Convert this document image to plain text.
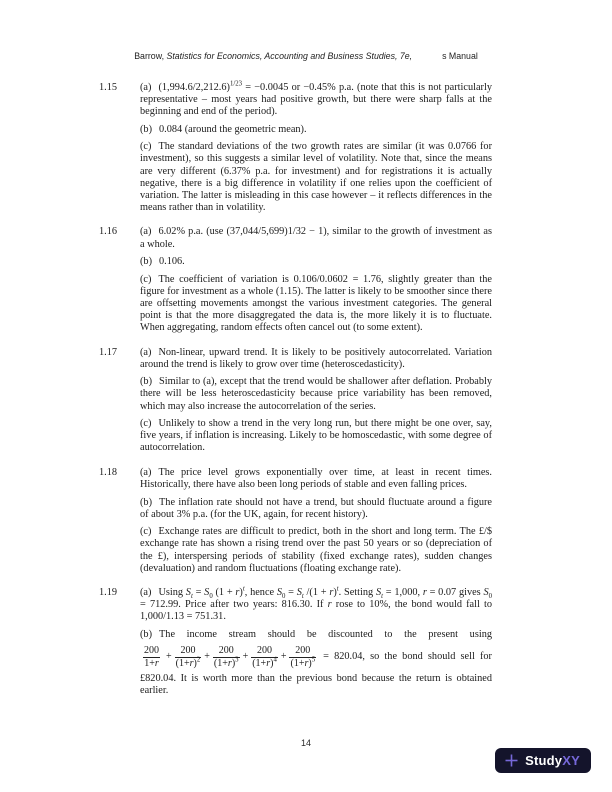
Barrow, Statistics for Economics, Accounting and Business Studies, 7e,	s Manual
1.15	(a) $(1,994.6/2,212.6)^{1/23} = -0.0045$ or −0.45% p.a. (note that this is not particularly representative – most years had positive growth, but there were sharp falls at the beginning and end of the period).
(b) 0.084 (around the geometric mean).
(c) The standard deviations of the two growth rates are similar (it was 0.0766 for investment), so this suggests a similar level of volatility. Note that, since the means are very different (6.37% p.a. for investment) and for registrations it is actually negative, there is a big difference in volatility if one relies upon the coefficient of variation. The latter is misleading in this case however – it reflects differences in the means rather than in volatility.
1.16	(a) 6.02% p.a. (use (37,044/5,699)1/32 − 1), similar to the growth of investment as a whole.
(b) 0.106.
(c) The coefficient of variation is 0.106/0.0602 = 1.76, slightly greater than the figure for investment as a whole (1.15). The latter is likely to be smoother since there are offsetting movements amongst the various investment categories. The general point is that the more disaggregated the data is, the more likely it is to fluctuate. When aggregating, random effects often cancel out (to some extent).
1.17	(a) Non-linear, upward trend. It is likely to be positively autocorrelated. Variation around the trend is likely to grow over time (heteroscedasticity).
(b) Similar to (a), except that the trend would be shallower after deflation. Probably there will be less heteroscedasticity because price variability has been removed, which may also increase the autocorrelation of the series.
(c) Unlikely to show a trend in the very long run, but there might be one over, say, five years, if inflation is increasing. Likely to be homoscedastic, with some degree of autocorrelation.
1.18	(a) The price level grows exponentially over time, at least in recent times. Historically, there have also been long periods of stable and even falling prices.
(b) The inflation rate should not have a trend, but should fluctuate around a figure of about 3% p.a. (for the UK, again, for recent history).
(c) Exchange rates are difficult to predict, both in the short and long term. The £/$ exchange rate has shown a rising trend over the past 50 years or so (depreciation of the £), interspersing periods of stability (fixed exchange rates), sudden changes (devaluation) and random fluctuations (floating exchange rate).
1.19	(a) Using $S_t = S_0$ $(1 + r)^t$, hence $S_0 = S_t$ $/(1 + r)^t$. Setting $S_t = 1,000$, r = 0.07 gives $S_0 = 712.99$. Price after two years: 816.30. If r rose to 10%, the bond would fall to 1,000/1.13 = 751.31.
(b) The income stream should be discounted to the present using
$\frac{200}{1+r} + \frac{200}{(1+r)^2} + \frac{200}{(1+r)^3} + \frac{200}{(1+r)^4} + \frac{200}{(1+r)^5} = 820.04$, so the bond should sell for
£820.04. It is worth more than the previous bond because the return is obtained earlier.
14
StudyXY
